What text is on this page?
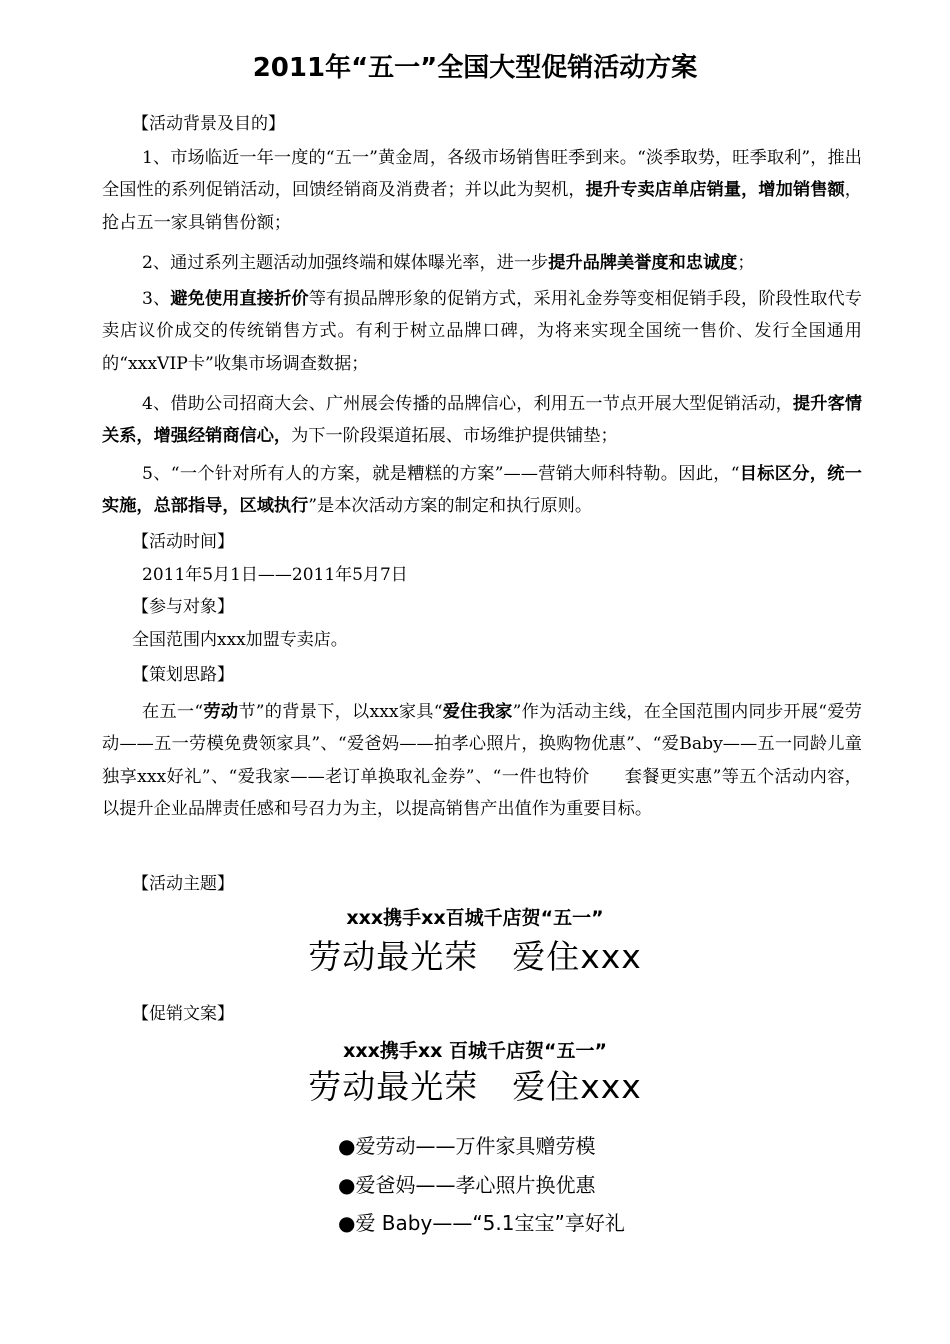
2011年“五一”全国大型促销活动方案
【活动背景及目的】

1、市场临近一年一度的“五一”黄金周，各级市场销售旺季到来。“淡季取势，旺季取利”，推出全国性的系列促销活动，回馈经销商及消费者；并以此为契机，提升专卖店单店销量，增加销售额，抢占五一家具销售份额；

2、通过系列主题活动加强终端和媒体曝光率，进一步提升品牌美誉度和忠诚度；

3、避免使用直接折价等有损品牌形象的促销方式，采用礼金券等变相促销手段，阶段性取代专卖店议价成交的传统销售方式。有利于树立品牌口碑，为将来实现全国统一售价、发行全国通用的“xxxVIP卡”收集市场调查数据；

4、借助公司招商大会、广州展会传播的品牌信心，利用五一节点开展大型促销活动，提升客情关系，增强经销商信心，为下一阶段渠道拓展、市场维护提供铺垫；

5、“一个针对所有人的方案，就是糟糕的方案”——营销大师科特勒。因此，“目标区分，统一实施，总部指导，区域执行”是本次活动方案的制定和执行原则。

【活动时间】
2011年5月1日——2011年5月7日
【参与对象】
全国范围内xxx加盟专卖店。
【策划思路】

在五一“劳动节”的背景下，以xxx家具“爱住我家”作为活动主线，在全国范围内同步开展“爱劳动——五一劳模免费领家具”、“爱爸妈——拍孝心照片，换购物优惠”、“爱Baby——五一同龄儿童独享xxx好礼”、“爱我家——老订单换取礼金券”、“一件也特价　　套餐更实惠”等五个活动内容，以提升企业品牌责任感和号召力为主，以提高销售产出值作为重要目标。

【活动主题】
xxx携手xx百城千店贺“五一”
劳动最光荣　爱住xxx
【促销文案】
xxx携手xx 百城千店贺“五一”
劳动最光荣　爱住xxx
●爱劳动——万件家具赠劳模
●爱爸妈——孝心照片换优惠
●爱 Baby——“5.1宝宝”享好礼
